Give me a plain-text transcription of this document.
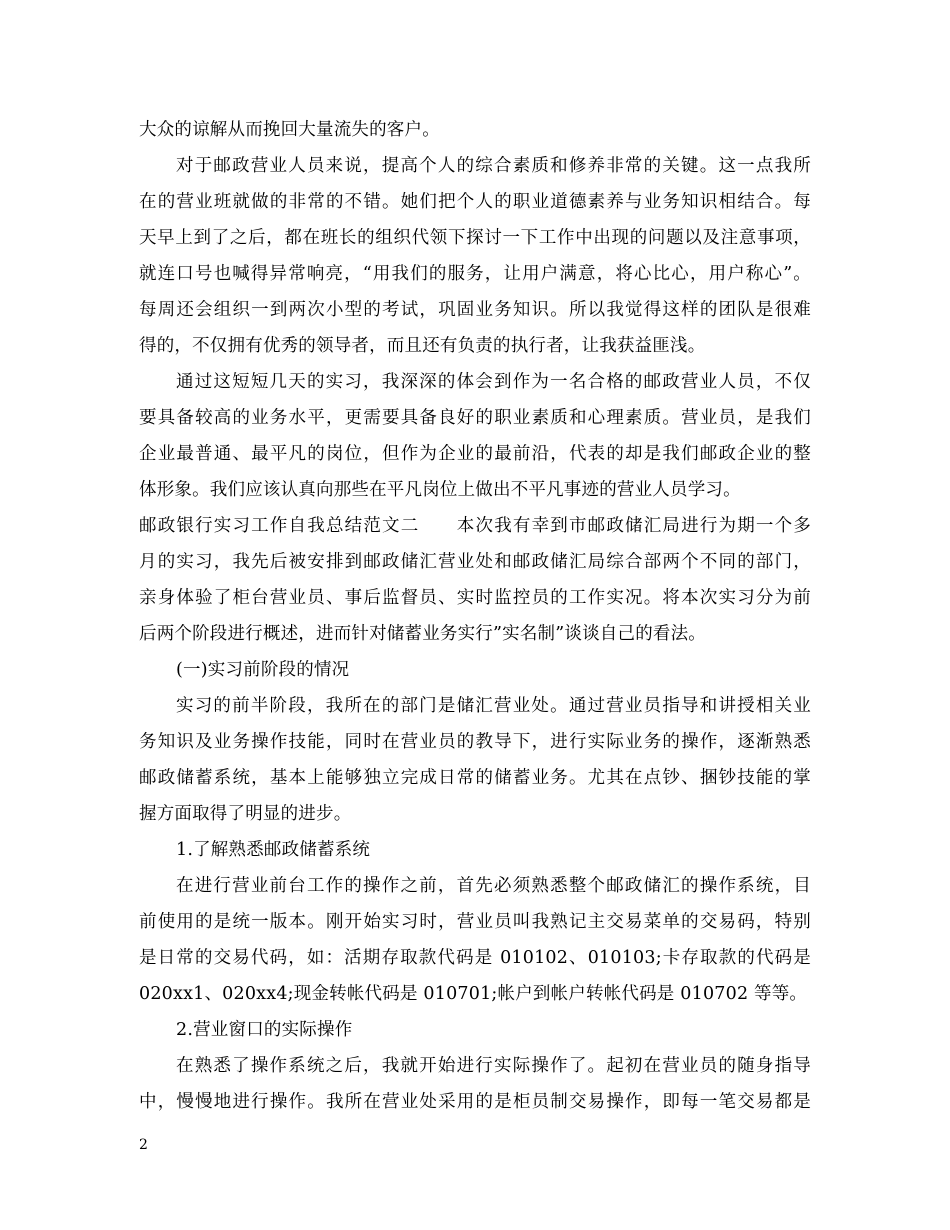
大众的谅解从而挽回大量流失的客户。
对于邮政营业人员来说，提高个人的综合素质和修养非常的关键。这一点我所
在的营业班就做的非常的不错。她们把个人的职业道德素养与业务知识相结合。每
天早上到了之后，都在班长的组织代领下探讨一下工作中出现的问题以及注意事项，
就连口号也喊得异常响亮，“用我们的服务，让用户满意，将心比心，用户称心”。
每周还会组织一到两次小型的考试，巩固业务知识。所以我觉得这样的团队是很难
得的，不仅拥有优秀的领导者，而且还有负责的执行者，让我获益匪浅。
通过这短短几天的实习，我深深的体会到作为一名合格的邮政营业人员，不仅
要具备较高的业务水平，更需要具备良好的职业素质和心理素质。营业员，是我们
企业最普通、最平凡的岗位，但作为企业的最前沿，代表的却是我们邮政企业的整
体形象。我们应该认真向那些在平凡岗位上做出不平凡事迹的营业人员学习。
邮政银行实习工作自我总结范文二　　本次我有幸到市邮政储汇局进行为期一个多
月的实习，我先后被安排到邮政储汇营业处和邮政储汇局综合部两个不同的部门，
亲身体验了柜台营业员、事后监督员、实时监控员的工作实况。将本次实习分为前
后两个阶段进行概述，进而针对储蓄业务实行”实名制”谈谈自己的看法。
(一)实习前阶段的情况
实习的前半阶段，我所在的部门是储汇营业处。通过营业员指导和讲授相关业
务知识及业务操作技能，同时在营业员的教导下，进行实际业务的操作，逐渐熟悉
邮政储蓄系统，基本上能够独立完成日常的储蓄业务。尤其在点钞、捆钞技能的掌
握方面取得了明显的进步。
1.了解熟悉邮政储蓄系统
在进行营业前台工作的操作之前，首先必须熟悉整个邮政储汇的操作系统，目
前使用的是统一版本。刚开始实习时，营业员叫我熟记主交易菜单的交易码，特别
是日常的交易代码，如：活期存取款代码是 010102、010103;卡存取款的代码是
020xx1、020xx4;现金转帐代码是 010701;帐户到帐户转帐代码是 010702 等等。
2.营业窗口的实际操作
在熟悉了操作系统之后，我就开始进行实际操作了。起初在营业员的随身指导
中，慢慢地进行操作。我所在营业处采用的是柜员制交易操作，即每一笔交易都是
2
